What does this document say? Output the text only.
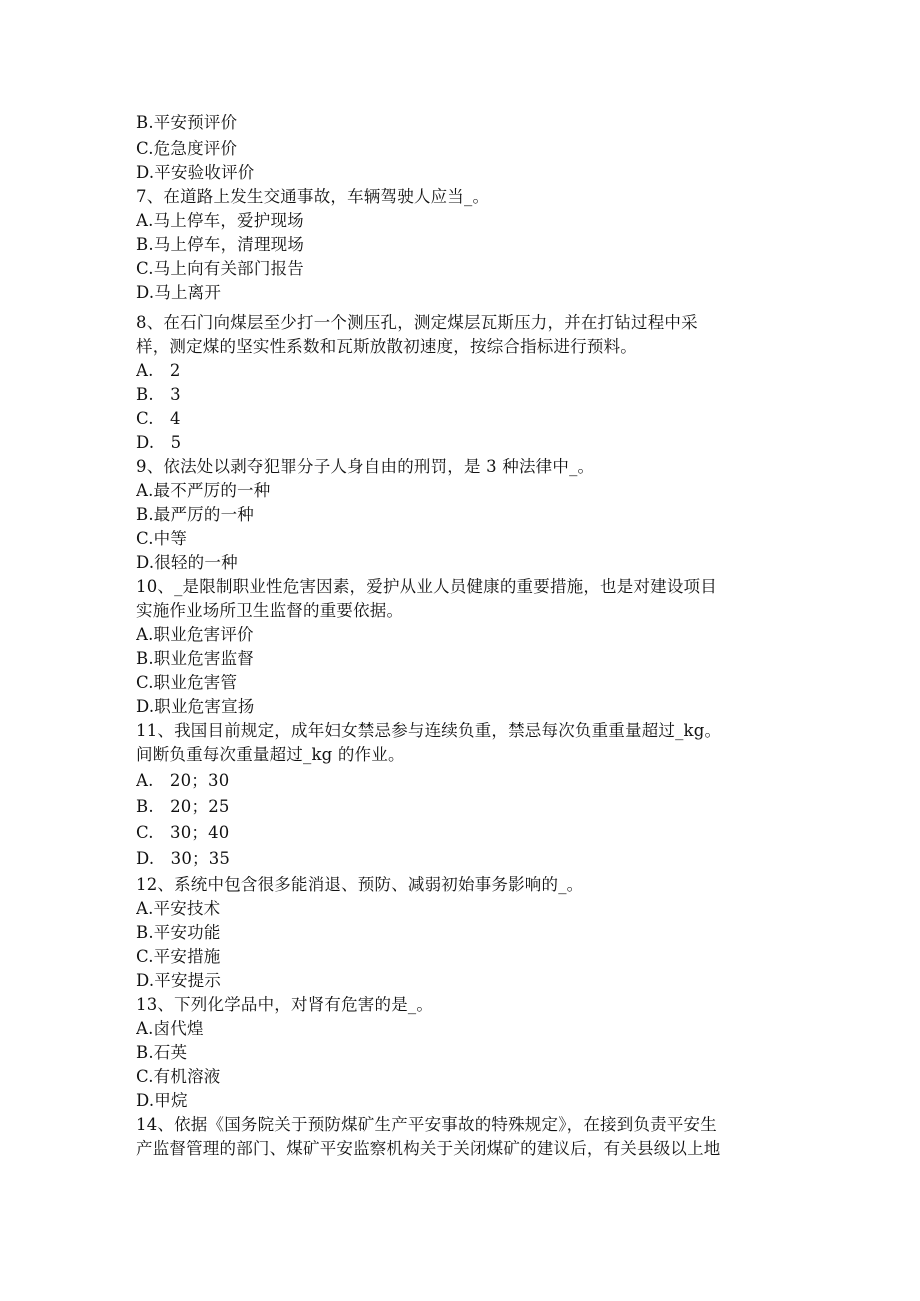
B.平安预评价
C.危急度评价
D.平安验收评价
7、在道路上发生交通事故，车辆驾驶人应当_。
A.马上停车，爱护现场
B.马上停车，清理现场
C.马上向有关部门报告
D.马上离开
8、在石门向煤层至少打一个测压孔，测定煤层瓦斯压力，并在打钻过程中采
样，测定煤的坚实性系数和瓦斯放散初速度，按综合指标进行预料。
A.   2
B.   3
C.   4
D.   5
9、依法处以剥夺犯罪分子人身自由的刑罚，是 3 种法律中_。
A.最不严厉的一种
B.最严厉的一种
C.中等
D.很轻的一种
10、_是限制职业性危害因素，爱护从业人员健康的重要措施，也是对建设项目
实施作业场所卫生监督的重要依据。
A.职业危害评价
B.职业危害监督
C.职业危害管
D.职业危害宣扬
11、我国目前规定，成年妇女禁忌参与连续负重，禁忌每次负重重量超过_kg。
间断负重每次重量超过_kg 的作业。
A.   20；30
B.   20；25
C.   30；40
D.   30；35
12、系统中包含很多能消退、预防、减弱初始事务影响的_。
A.平安技术
B.平安功能
C.平安措施
D.平安提示
13、下列化学品中，对肾有危害的是_。
A.卤代煌
B.石英
C.有机溶液
D.甲烷
14、依据《国务院关于预防煤矿生产平安事故的特殊规定》，在接到负责平安生
产监督管理的部门、煤矿平安监察机构关于关闭煤矿的建议后，有关县级以上地
